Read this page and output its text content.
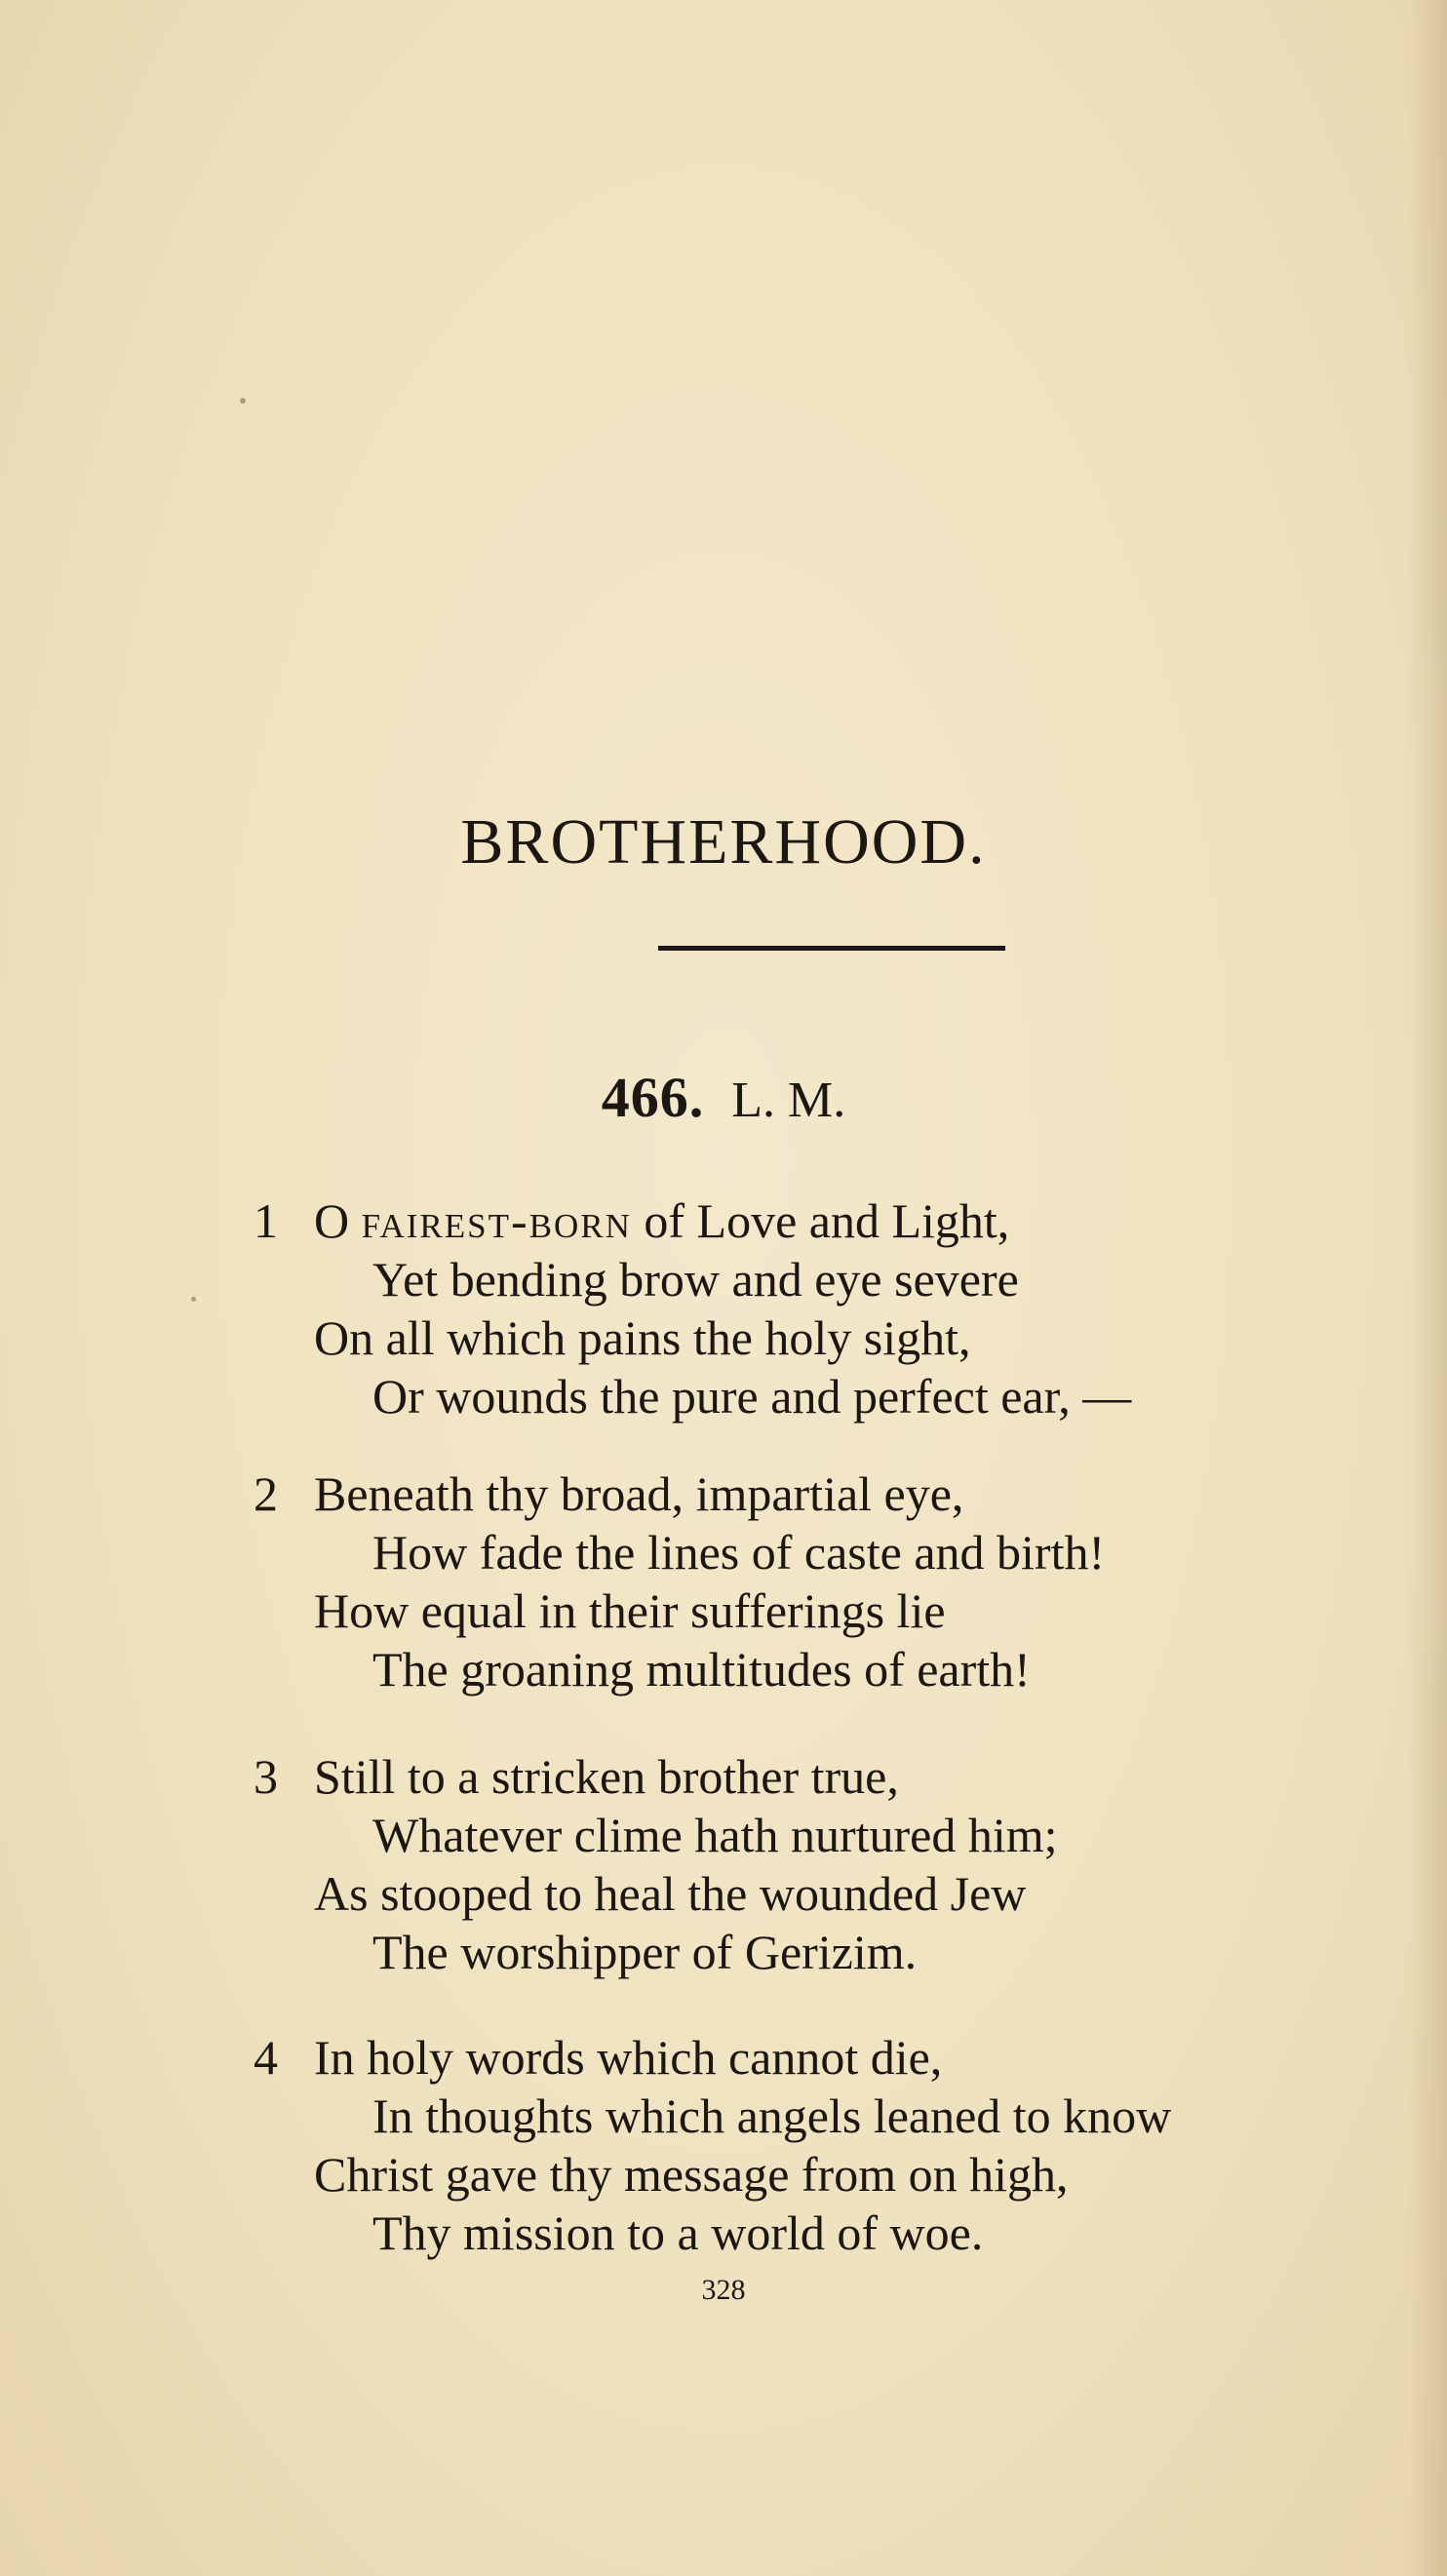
BROTHERHOOD.
466. L. M.
1 O fairest-born of Love and Light,
Yet bending brow and eye severe
On all which pains the holy sight,
Or wounds the pure and perfect ear, —
2 Beneath thy broad, impartial eye,
How fade the lines of caste and birth!
How equal in their sufferings lie
The groaning multitudes of earth!
3 Still to a stricken brother true,
Whatever clime hath nurtured him;
As stooped to heal the wounded Jew
The worshipper of Gerizim.
4 In holy words which cannot die,
In thoughts which angels leaned to know
Christ gave thy message from on high,
Thy mission to a world of woe.
328
